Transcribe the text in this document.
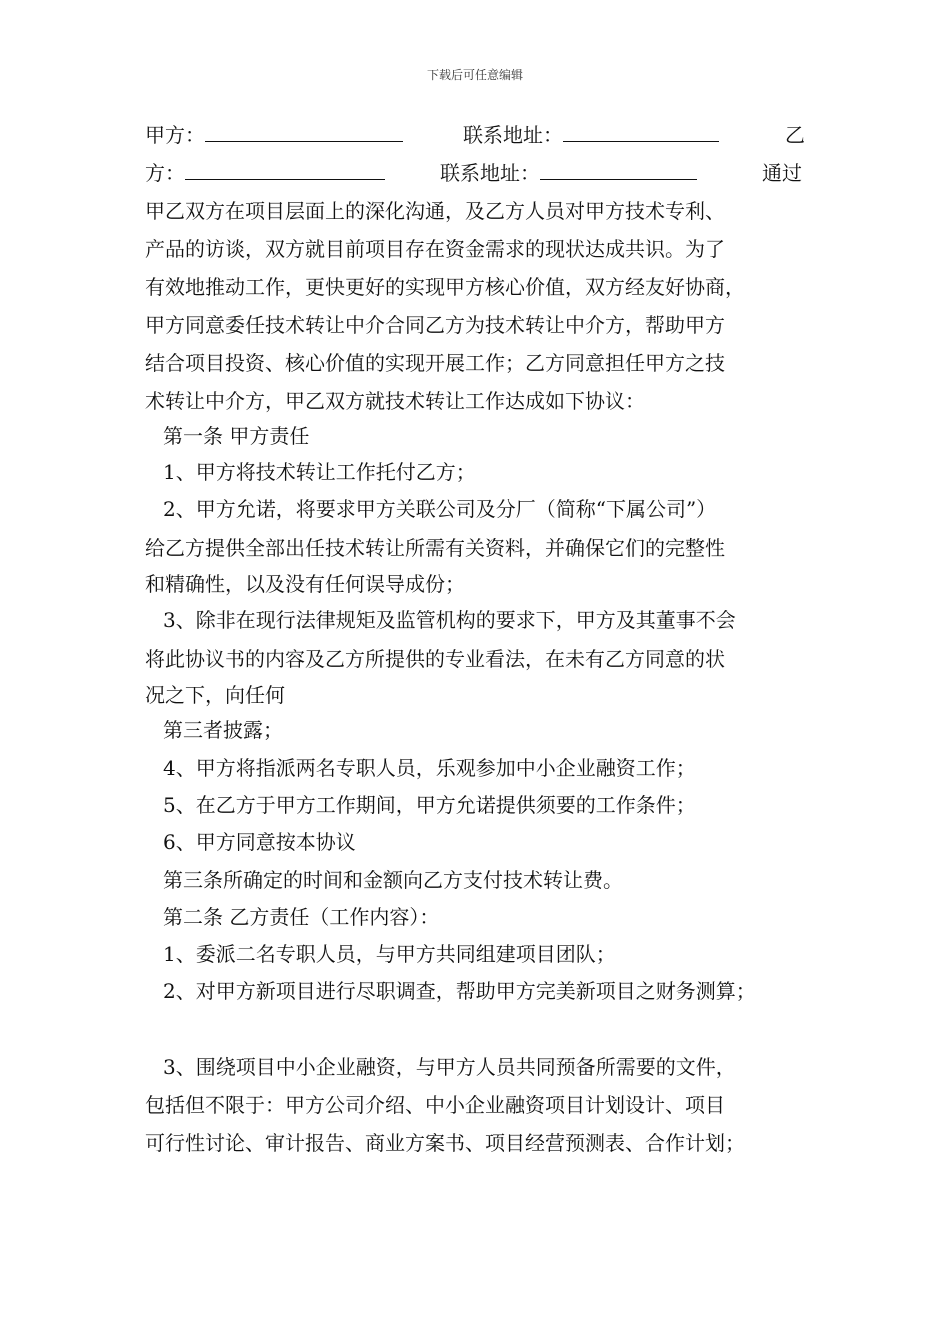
下载后可任意编辑
甲方：	联系地址：	乙
方：	联系地址：	通过
甲乙双方在项目层面上的深化沟通，及乙方人员对甲方技术专利、
产品的访谈，双方就目前项目存在资金需求的现状达成共识。为了
有效地推动工作，更快更好的实现甲方核心价值，双方经友好协商，
甲方同意委任技术转让中介合同乙方为技术转让中介方，帮助甲方
结合项目投资、核心价值的实现开展工作；乙方同意担任甲方之技
术转让中介方，甲乙双方就技术转让工作达成如下协议：
第一条 甲方责任
1、甲方将技术转让工作托付乙方；
2、甲方允诺，将要求甲方关联公司及分厂（简称“下属公司”）
给乙方提供全部出任技术转让所需有关资料，并确保它们的完整性
和精确性，以及没有任何误导成份；
3、除非在现行法律规矩及监管机构的要求下，甲方及其董事不会
将此协议书的内容及乙方所提供的专业看法，在未有乙方同意的状
况之下，向任何
第三者披露；
4、甲方将指派两名专职人员，乐观参加中小企业融资工作；
5、在乙方于甲方工作期间，甲方允诺提供须要的工作条件；
6、甲方同意按本协议
第三条所确定的时间和金额向乙方支付技术转让费。
第二条 乙方责任（工作内容）：
1、委派二名专职人员，与甲方共同组建项目团队；
2、对甲方新项目进行尽职调查，帮助甲方完美新项目之财务测算；
3、围绕项目中小企业融资，与甲方人员共同预备所需要的文件，
包括但不限于：甲方公司介绍、中小企业融资项目计划设计、项目
可行性讨论、审计报告、商业方案书、项目经营预测表、合作计划；
